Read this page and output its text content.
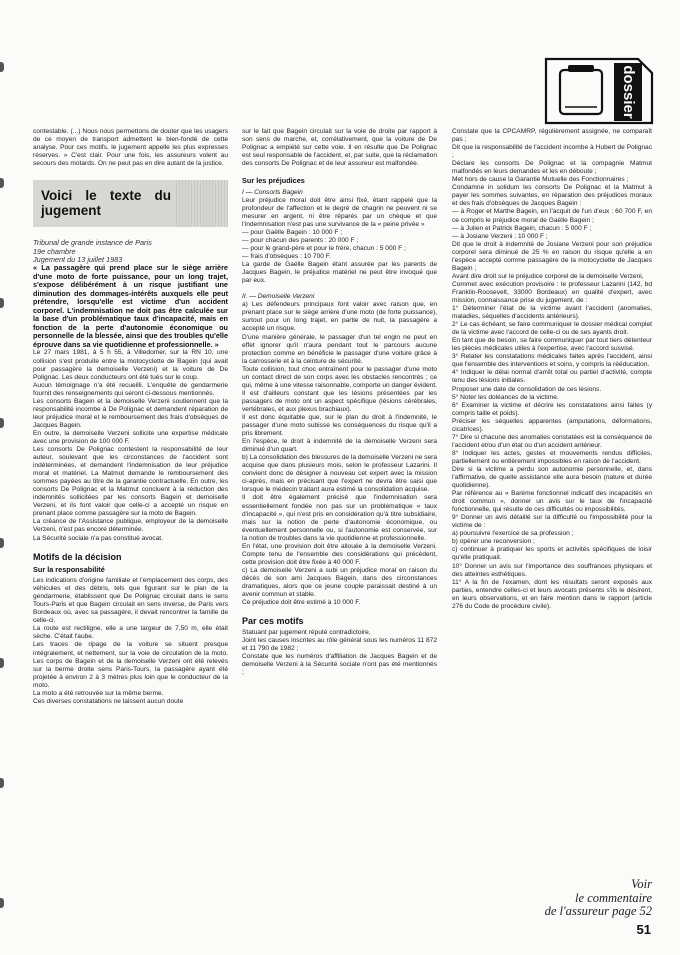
dossier

contestable. (...) Nous nous permettons de douter que les usagers de ce moyen de transport admettent le bien-fondé de cette analyse. Pour ces motifs, le jugement appelle les plus expresses réserves. » C'est clair. Pour une fois, les assureurs volent au secours des motards. On ne peut pas en dire autant de la justice.

Voici le texte du jugement

Tribunal de grande instance de Paris
19e chambre
Jugement du 13 juillet 1983

« La passagère qui prend place sur le siège arrière d'une moto de forte puissance, pour un long trajet, s'expose délibérément à un risque justifiant une diminution des dommages-intérêts auxquels elle peut prétendre, lorsqu'elle est victime d'un accident corporel. L'indemnisation ne doit pas être calculée sur la base d'un problématique taux d'incapacité, mais en fonction de la perte d'autonomie économique ou personnelle de la blessée, ainsi que des troubles qu'elle éprouve dans sa vie quotidienne et professionnelle. »

Le 27 mars 1981, à 5 h 55, à Villedomer, sur la RN 10, une collision s'est produite entre la motocyclette de Bagein (qui avait pour passagère la demoiselle Verzeni) et la voiture de De Polignac. Les deux conducteurs ont été tués sur le coup.
Aucun témoignage n'a été recueilli. L'enquête de gendarmerie fournit des renseignements qui seront ci-dessous mentionnés.
Les consorts Bagein et la demoiselle Verzeni soutiennent que la responsabilité incombe à De Polignac et demandent réparation de leur préjudice moral et le remboursement des frais d'obsèques de Jacques Bagein.
En outre, la demoiselle Verzeni sollicite une expertise médicale avec une provision de 100 000 F.
Les consorts De Polignac contestent la responsabilité de leur auteur, soulevant que les circonstances de l'accident sont indéterminées, et demandent l'indemnisation de leur préjudice moral et matériel. La Matmut demande le remboursement des sommes payées au titre de la garantie contractuelle. En outre, les consorts De Polignac et la Matmut concluent à la réduction des indemnités sollicitées par les consorts Bagein et demoiselle Verzeni, et ils font valoir que celle-ci a accepté un risque en prenant place comme passagère sur la moto de Bagein.
La créance de l'Assistance publique, employeur de la demoiselle Verzeni, n'est pas encore déterminée.
La Sécurité sociale n'a pas constitué avocat.

Motifs de la décision
Sur la responsabilité

Les indications d'origine familiale et l'emplacement des corps, des véhicules et des débris, tels que figurant sur le plan de la gendarmerie, établissent que De Polignac circulait dans le sens Tours-Paris et que Bagein circulait en sens inverse, de Paris vers Bordeaux où, avec sa passagère, il devait rencontrer la famille de celle-ci.
La route est rectiligne, elle a une largeur de 7,50 m, elle était sèche. C'était l'aube.
Les traces de ripage de la voiture se situent presque intégralement, et nettement, sur la voie de circulation de la moto. Les corps de Bagein et de la demoiselle Verzeni ont été relevés sur la berme droite sens Paris-Tours, la passagère ayant été projetée à environ 2 à 3 mètres plus loin que le conducteur de la moto.
La moto a été retrouvée sur la même berme.
Ces diverses constatations ne laissent aucun doute

sur le fait que Bagein circulait sur la voie de droite par rapport à son sens de marche, et, corrélativement, que la voiture de De Polignac a empiété sur cette voie. Il en résulte que De Polignac est seul responsable de l'accident, et, par suite, que la réclamation des consorts De Polignac et de leur assureur est malfondée.

Sur les préjudices

I — Consorts Bagein

Leur préjudice moral doit être ainsi fixé, étant rappelé que la profondeur de l'affection et le degré de chagrin ne peuvent ni se mesurer en argent, ni être réparés par un chèque et que l'indemnisation n'est pas une survivance de la « peine privée »
— pour Gaëlle Bagein : 10 000 F ;
— pour chacun des parents : 20 000 F ;
— pour le grand-père et pour le frère, chacun : 5 000 F ;
— frais d'obsèques : 10 700 F.
La garde de Gaëlle Bagein étant assurée par les parents de Jacques Bagein, le préjudice matériel ne peut être invoqué que par eux.

II. — Demoiselle Verzeni

a) Les défendeurs principaux font valoir avec raison que, en prenant place sur le siège arrière d'une moto (de forte puissance), surtout pour un long trajet, en partie de nuit, la passagère a accepté un risque.
D'une manière générale, le passager d'un tel engin ne peut en effet ignorer qu'il n'aura pendant tout le parcours aucune protection comme en bénéficie le passager d'une voiture grâce à la carrosserie et à la ceinture de sécurité.
Toute collision, tout choc entraînent pour le passager d'une moto un contact direct de son corps avec les obstacles rencontrés ; ce qui, même à une vitesse raisonnable, comporte un danger évident. Il est d'ailleurs constant que les lésions présentées par les passagers de moto ont un aspect spécifique (lésions cérébrales, vertébrales, et aux plexus brachiaux).
Il est donc équitable que, sur le plan du droit à l'indemnité, le passager d'une moto subisse les conséquences du risque qu'il a pris librement.
En l'espèce, le droit à indemnité de la demoiselle Verzeni sera diminué d'un quart.
b) La consolidation des blessures de la demoiselle Verzeni ne sera acquise que dans plusieurs mois, selon le professeur Lazarini. Il convient donc de désigner à nouveau cet expert avec la mission ci-après, mais en précisant que l'expert ne devra être saisi que lorsque le médecin traitant aura estimé la consolidation acquise.
Il doit être également précisé que l'indemnisation sera essentiellement fondée non pas sur un problématique « taux d'incapacité », qui n'est pris en considération qu'à titre subsidiaire, mais sur la notion de perte d'autonomie économique, ou éventuellement personnelle ou, si l'autonomie est conservée, sur la notion de troubles dans la vie quotidienne et professionnelle.
En l'état, une provision doit être allouée à la demoiselle Verzeni. Compte tenu de l'ensemble des considérations qui précèdent, cette provision doit être fixée à 40 000 F.
c) La demoiselle Verzeni a subi un préjudice moral en raison du décès de son ami Jacques Bagein, dans des circonstances dramatiques, alors que ce jeune couple paraissait destiné à un avenir commun et stable.
Ce préjudice doit être estimé à 10 000 F.

Par ces motifs

Statuant par jugement réputé contradictoire,
Joint les causes inscrites au rôle général sous les numéros 11 872 et 11 790 de 1982 ;
Constate que les numéros d'affiliation de Jacques Bagein et de demoiselle Verzeni à la Sécurité sociale n'ont pas été mentionnés ;

Constate que la CPCAMRP, régulièrement assignée, ne comparaît pas ;
Dit que la responsabilité de l'accident incombe à Hubert de Polignac ;
Déclare les consorts De Polignac et la compagnie Matmut malfondés en leurs demandes et les en déboute ;
Met hors de cause la Garantie Mutuelle des Fonctionnaires ;
Condamne in solidum les consorts De Polignac et la Matmut à payer les sommes suivantes, en réparation des préjudices moraux et des frais d'obsèques de Jacques Bagein :
— à Roger et Marthe Bagein, en l'acquit de l'un d'eux : 60 700 F, en ce compris le préjudice moral de Gaëlle Bagein ;
— à Julien et Patrick Bagein, chacun : 5 000 F ;
— à Josiane Verzeni : 10 000 F ;
Dit que le droit à indemnité de Josiane Verzeni pour son préjudice corporel sera diminué de 25 % en raison du risque qu'elle a en l'espèce accepté comme passagère de la motocyclette de Jacques Bagein ;
Avant dire droit sur le préjudice corporel de la demoiselle Verzeni,
Commet avec exécution provisoire : le professeur Lazarini (142, bd Franklin-Roosevelt, 33000 Bordeaux) en qualité d'expert, avec mission, connaissance prise du jugement, de :
1° Déterminer l'état de la victime avant l'accident (anomalies, maladies, séquelles d'accidents antérieurs).
2° Le cas échéant, se faire communiquer le dossier médical complet de la victime avec l'accord de celle-ci ou de ses ayants droit.
En tant que de besoin, se faire communiquer par tout tiers détenteur les pièces médicales utiles à l'expertise, avec l'accord susvisé.
3° Relater les constatations médicales faites après l'accident, ainsi que l'ensemble des interventions et soins, y compris la rééducation.
4° Indiquer le délai normal d'arrêt total ou partiel d'activité, compte tenu des lésions initiales.
Proposer une date de consolidation de ces lésions.
5° Noter les doléances de la victime.
6° Examiner la victime et décrire les constatations ainsi faites (y compris taille et poids).
Préciser les séquelles apparentes (amputations, déformations, cicatrices).
7° Dire si chacune des anomalies constatées est la conséquence de l'accident et/ou d'un état ou d'un accident antérieur.
8° Indiquer les actes, gestes et mouvements rendus difficiles, partiellement ou entièrement impossibles en raison de l'accident.
Dire si la victime a perdu son autonomie personnelle, et, dans l'affirmative, de quelle assistance elle aura besoin (nature et durée quotidienne).
Par référence au « Barème fonctionnel indicatif des incapacités en droit commun », donner un avis sur le taux de l'incapacité fonctionnelle, qui résulte de ces difficultés ou impossibilités.
9° Donner un avis détaillé sur la difficulté ou l'impossibilité pour la victime de :
a) poursuivre l'exercice de sa profession ;
b) opérer une reconversion ;
c) continuer à pratiquer les sports et activités spécifiques de loisir qu'elle pratiquait.
10° Donner un avis sur l'importance des souffrances physiques et des atteintes esthétiques.
11° A la fin de l'examen, dont les résultats seront exposés aux parties, entendre celles-ci et leurs avocats présents s'ils le désirent, en leurs observations, et en faire mention dans le rapport (article 276 du Code de procédure civile).

Voir
le commentaire
de l'assureur page 52
51
